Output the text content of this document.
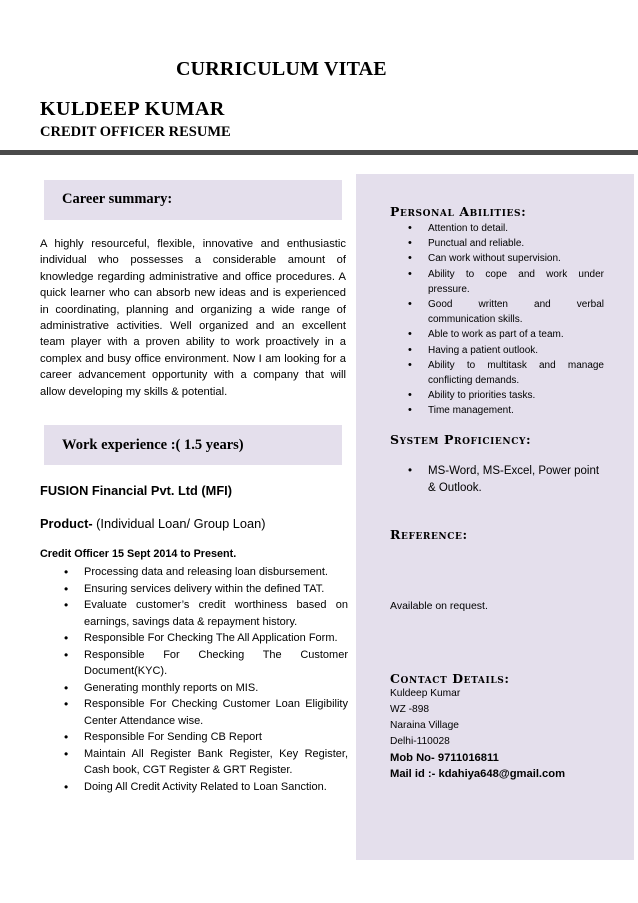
CURRICULUM VITAE
KULDEEP KUMAR
CREDIT OFFICER RESUME
Career summary:

A highly resourceful, flexible, innovative and enthusiastic individual who possesses a considerable amount of knowledge regarding administrative and office procedures. A quick learner who can absorb new ideas and is experienced in coordinating, planning and organizing a wide range of administrative activities. Well organized and an excellent team player with a proven ability to work proactively in a complex and busy office environment. Now I am looking for a career advancement opportunity with a company that will allow developing my skills & potential.

Work experience :( 1.5 years)
FUSION Financial Pvt. Ltd (MFI)
Product- (Individual Loan/ Group Loan)
Credit Officer 15 Sept 2014 to Present.
• Processing data and releasing loan disbursement.
• Ensuring services delivery within the defined TAT.
• Evaluate customer’s credit worthiness based on earnings, savings data & repayment history.
• Responsible For Checking The All Application Form.
• Responsible For Checking The Customer Document(KYC).
• Generating monthly reports on MIS.
• Responsible For Checking Customer Loan Eligibility Center Attendance wise.
• Responsible For Sending CB Report
• Maintain All Register Bank Register, Key Register, Cash book, CGT Register & GRT Register.
• Doing All Credit Activity Related to Loan Sanction.
Personal Abilities:
• Attention to detail.
• Punctual and reliable.
• Can work without supervision.
• Ability to cope and work under pressure.
• Good written and verbal communication skills.
• Able to work as part of a team.
• Having a patient outlook.
• Ability to multitask and manage conflicting demands.
• Ability to priorities tasks.
• Time management.
System Proficiency:
• MS-Word, MS-Excel, Power point & Outlook.
Reference:
Available on request.
Contact Details:
Kuldeep Kumar
WZ -898
Naraina Village
Delhi-110028
Mob No- 9711016811
Mail id :- kdahiya648@gmail.com
